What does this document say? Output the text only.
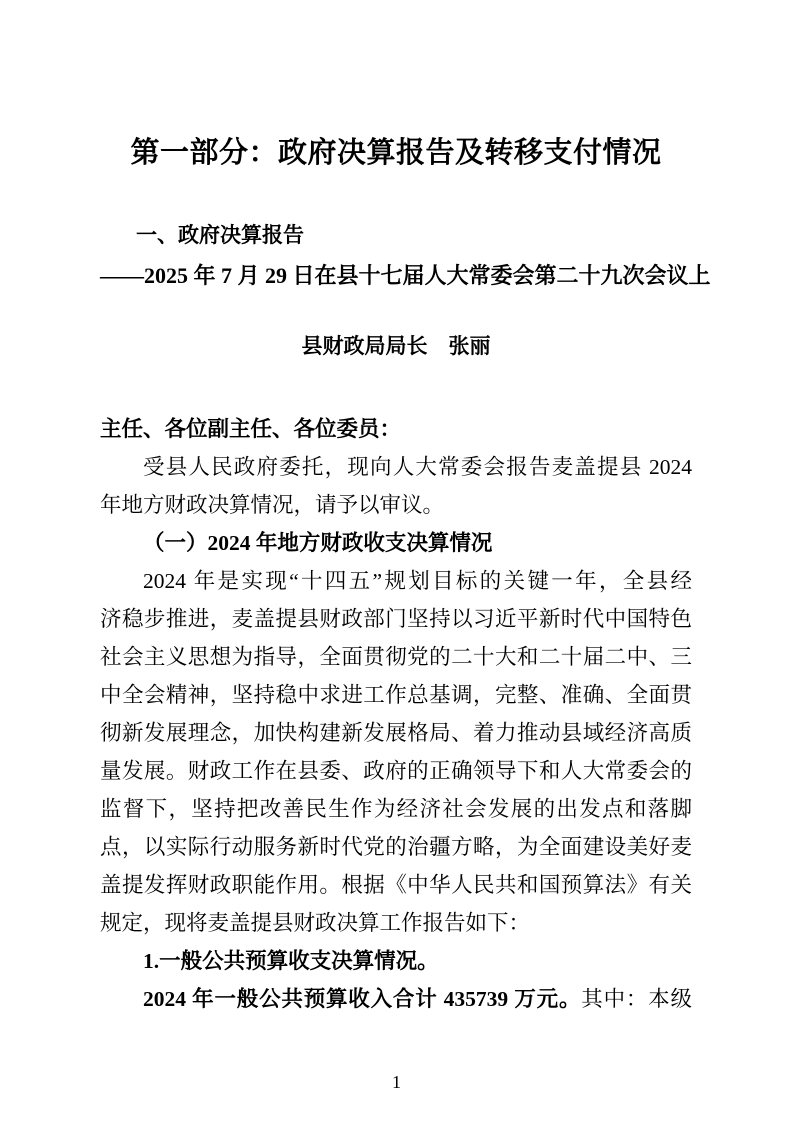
第一部分：政府决算报告及转移支付情况
一、政府决算报告
——2025 年 7 月 29 日在县十七届人大常委会第二十九次会议上
县财政局局长　张丽
主任、各位副主任、各位委员：
受县人民政府委托，现向人大常委会报告麦盖提县 2024
年地方财政决算情况，请予以审议。
（一）2024 年地方财政收支决算情况
2024 年是实现“十四五”规划目标的关键一年，全县经
济稳步推进，麦盖提县财政部门坚持以习近平新时代中国特色
社会主义思想为指导，全面贯彻党的二十大和二十届二中、三
中全会精神，坚持稳中求进工作总基调，完整、准确、全面贯
彻新发展理念，加快构建新发展格局、着力推动县域经济高质
量发展。财政工作在县委、政府的正确领导下和人大常委会的
监督下，坚持把改善民生作为经济社会发展的出发点和落脚
点，以实际行动服务新时代党的治疆方略，为全面建设美好麦
盖提发挥财政职能作用。根据《中华人民共和国预算法》有关
规定，现将麦盖提县财政决算工作报告如下：
1.一般公共预算收支决算情况。
2024 年一般公共预算收入合计 435739 万元。其中：本级
1
